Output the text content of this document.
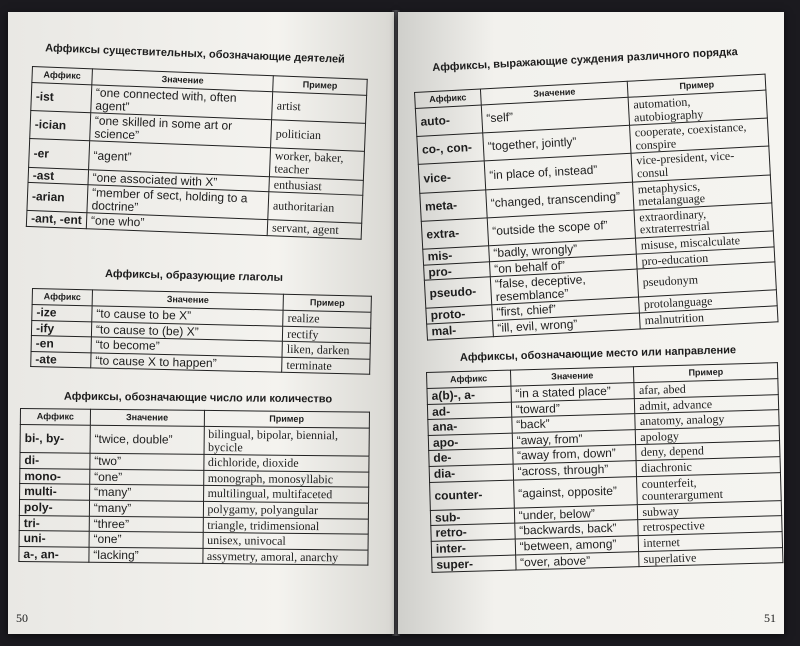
Аффиксы существительных, обозначающие деятелей
Аффикс	Значение	Пример
-ist	“one connected with, often agent”	artist
-ician	“one skilled in some art or science”	politician
-er	“agent”	worker, baker, teacher
-ast	“one associated with X”	enthusiast
-arian	“member of sect, holding to a doctrine”	authoritarian
-ant, -ent	“one who”	servant, agent
Аффиксы, образующие глаголы
Аффикс	Значение	Пример
-ize	“to cause to be X”	realize
-ify	“to cause to (be) X”	rectify
-en	“to become”	liken, darken
-ate	“to cause X to happen”	terminate
Аффиксы, обозначающие число или количество
Аффикс	Значение	Пример
bi-, by-	“twice, double”	bilingual, bipolar, biennial, bycicle
di-	“two”	dichloride, dioxide
mono-	“one”	monograph, monosyllabic
multi-	“many”	multilingual, multifaceted
poly-	“many”	polygamy, polyangular
tri-	“three”	triangle, tridimensional
uni-	“one”	unisex, univocal
a-, an-	“lacking”	assymetry, amoral, anarchy
50
Аффиксы, выражающие суждения различного порядка
Аффикс	Значение	Пример
auto-	“self”	automation, autobiography
co-, con-	“together, jointly”	cooperate, coexistance, conspire
vice-	“in place of, instead”	vice-president, vice-consul
meta-	“changed, transcending”	metaphysics, metalanguage
extra-	“outside the scope of”	extraordinary, extraterrestrial
mis-	“badly, wrongly”	misuse, miscalculate
pro-	“on behalf of”	pro-education
pseudo-	“false, deceptive, resemblance”	pseudonym
proto-	“first, chief”	protolanguage
mal-	“ill, evil, wrong”	malnutrition
Аффиксы, обозначающие место или направление
Аффикс	Значение	Пример
a(b)-, a-	“in a stated place”	afar, abed
ad-	“toward”	admit, advance
ana-	“back”	anatomy, analogy
apo-	“away, from”	apology
de-	“away from, down”	deny, depend
dia-	“across, through”	diachronic
counter-	“against, opposite”	counterfeit, counterargument
sub-	“under, below”	subway
retro-	“backwards, back”	retrospective
inter-	“between, among”	internet
super-	“over, above”	superlative
51
